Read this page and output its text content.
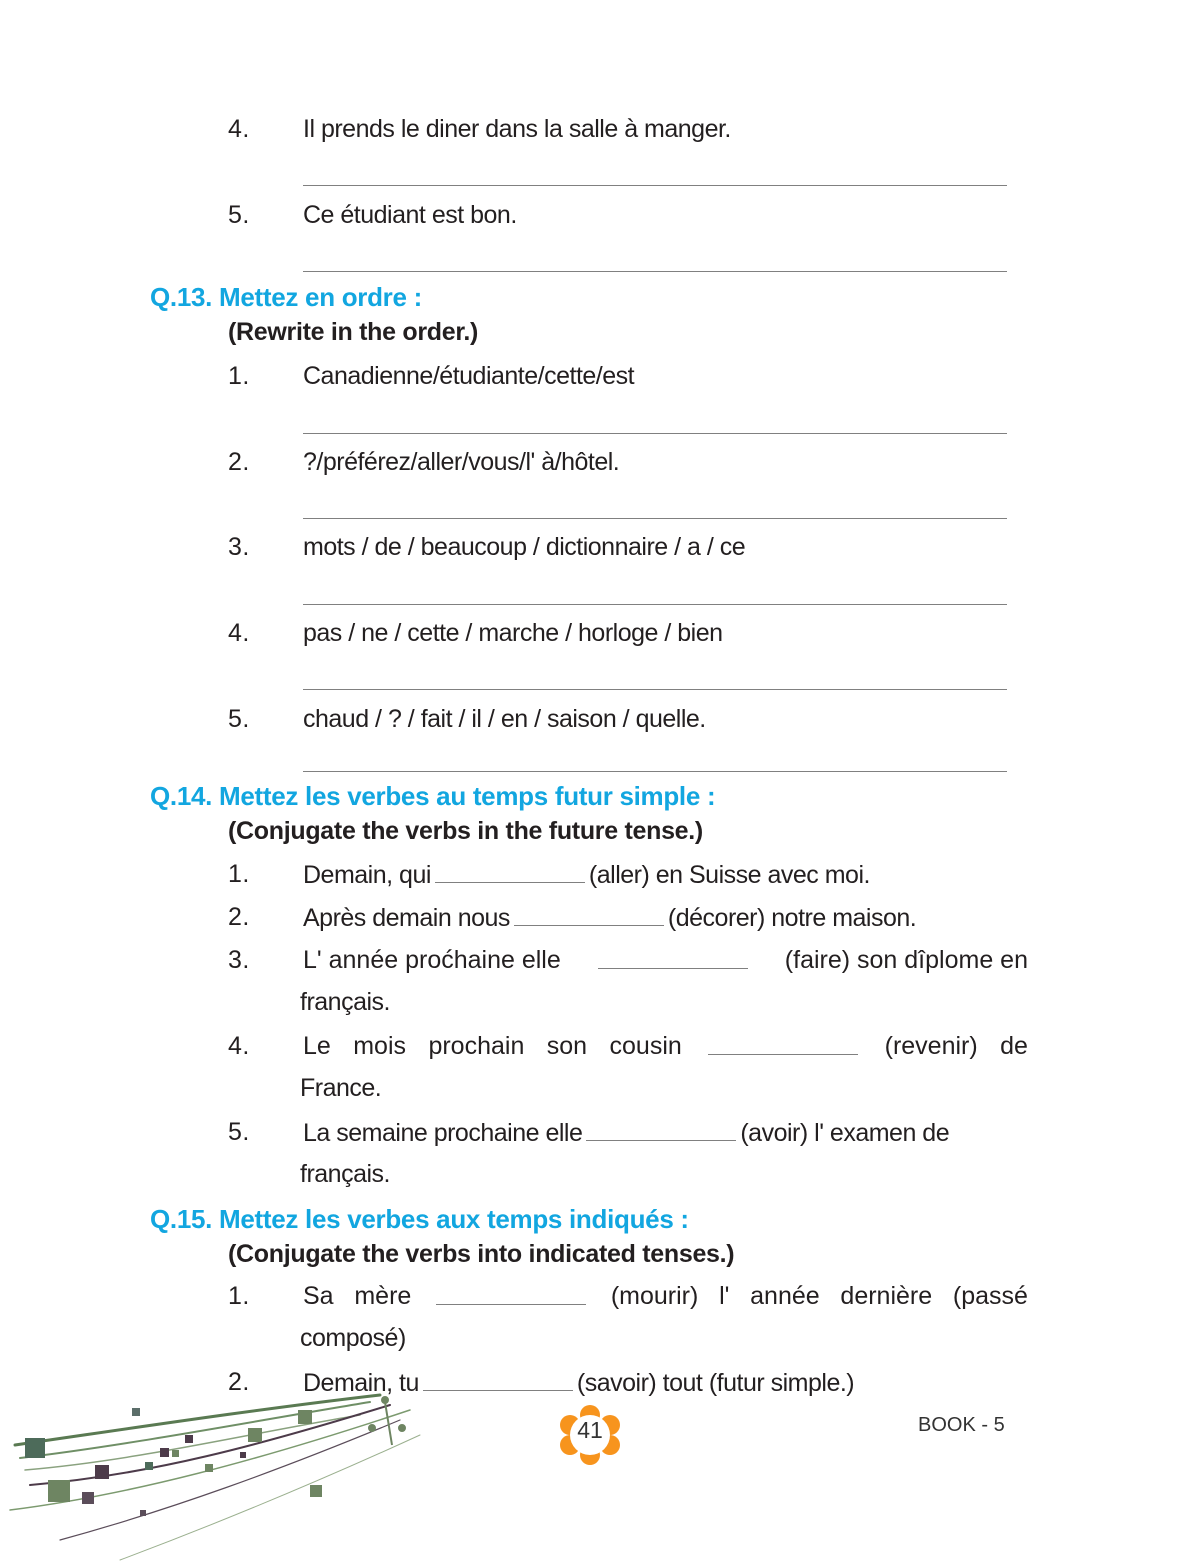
4. Il prends le diner dans la salle à manger.
5. Ce étudiant est bon.
Q.13. Mettez en ordre :
(Rewrite in the order.)
1. Canadienne/étudiante/cette/est
2. ?/préférez/aller/vous/l' à/hôtel.
3. mots / de / beaucoup / dictionnaire / a / ce
4. pas / ne / cette / marche / horloge / bien
5. chaud / ? / fait / il / en / saison / quelle.
Q.14. Mettez les verbes au temps futur simple :
(Conjugate the verbs in the future tense.)
1. Demain, qui	(aller) en Suisse avec moi.
2. Après demain nous	(décorer) notre maison.
3. L' année proćhaine elle	(faire) son dîplome en
français.
4. Le mois prochain son cousin	(revenir) de
France.
5. La semaine prochaine elle	(avoir) l' examen de
français.
Q.15. Mettez les verbes aux temps indiqués :
(Conjugate the verbs into indicated tenses.)
1. Sa mère	(mourir) l' année dernière (passé
composé)
2. Demain, tu	(savoir) tout (futur simple.)
41	BOOK - 5
